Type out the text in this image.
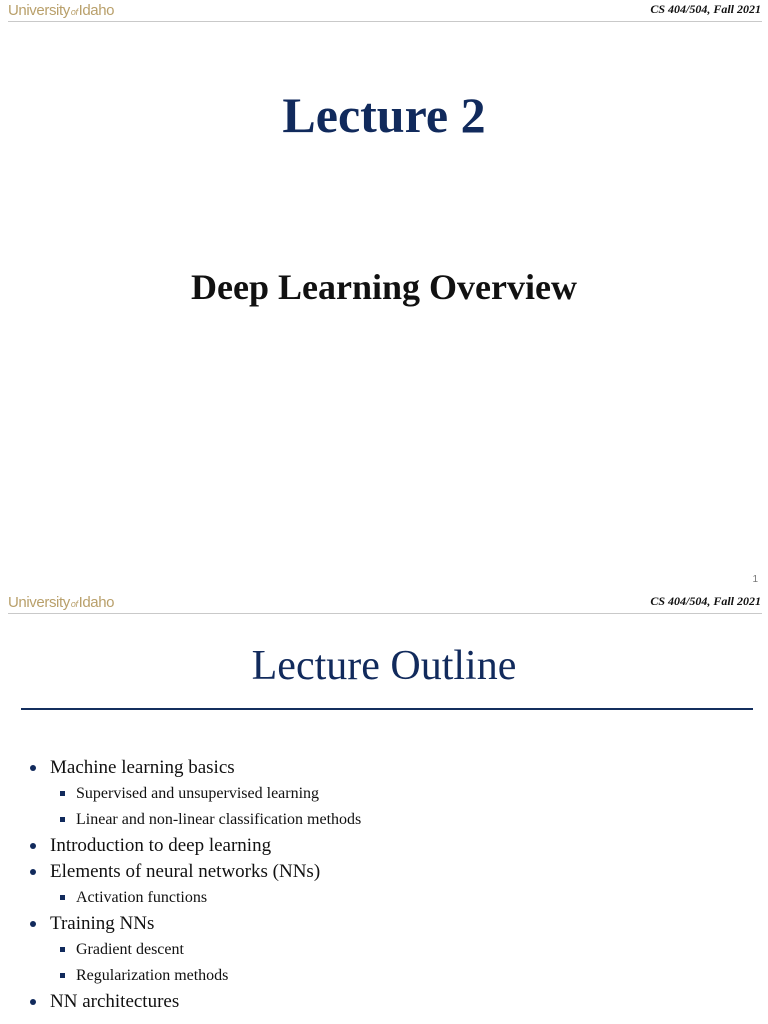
UniversityofIdaho	CS 404/504, Fall 2021
Lecture 2
Deep Learning Overview
1
UniversityofIdaho	CS 404/504, Fall 2021
Lecture Outline
Machine learning basics
Supervised and unsupervised learning
Linear and non-linear classification methods
Introduction to deep learning
Elements of neural networks (NNs)
Activation functions
Training NNs
Gradient descent
Regularization methods
NN architectures
